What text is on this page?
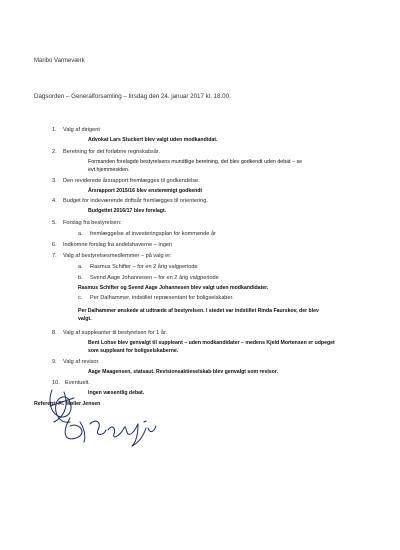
Maribo Varmeværk
Dagsorden – Generalforsamling – tirsdag den 24. januar 2017 kl. 18.00.
1. Valg af dirigent
Advokat Lars Stuckert blev valgt uden modkandidat.
2. Beretning for det forløbne regnskabsår.
Formanden forelagde bestyrelsens mundtlige beretning, det blev godkendt uden debat – se
evt.hjemmesiden.
3. Den reviderede årsrapport fremlægges til godkendelse.
Årsrapport 2015/16 blev enstemmigt godkendt
4. Budget for indeværende driftsår fremlægges til orientering.
Budgettet 2016/17 blev forelagt.
5. Forslag fra bestyrelsen:
a. fremlæggelse af investeringsplan for kommende år
6. Indkomne forslag fra andelshaverne – ingen
7. Valg af bestyrelsesmedlemmer – på valg er:
a. Rasmus Schifter – for en 2 årig valgperiode
b. Svend Aage Johannesen – for en 2 årig valgperiode
Rasmus Schifter og Svend Aage Johannesen blev valgt uden modkandidater.
c. Per Dalhammer, indstillet repræsentant for boligselskaber.
Per Dalhammer ønskede at udtræde af bestyrelsen. I stedet var indstillet Rinda Faurskov, der blev
valgt.
8. Valg af suppleanter til bestyrelsen for 1 år.
Bent Lohse blev genvalgt til suppleant – uden modkandidater – medens Kjeld Mortensen er udpeget
som suppleant for boligselskaberne.
9. Valg af revisor.
Aage Maagensen, statsaut. Revisionsaktieselskab blev genvalgt som revisor.
10. Eventuelt.
Ingen væsentlig debat.
Referent: Fl. Møller Jensen
